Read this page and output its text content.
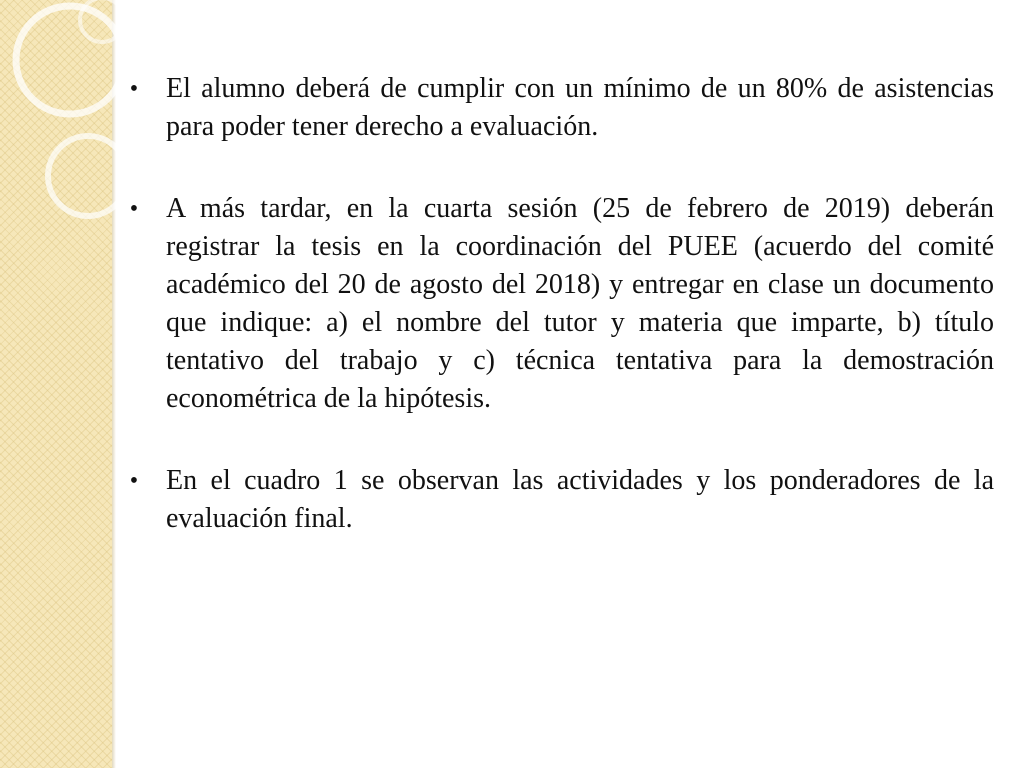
• El alumno deberá de cumplir con un mínimo de un 80% de asistencias para poder tener derecho a evaluación.
• A más tardar, en la cuarta sesión (25 de febrero de 2019) deberán registrar la tesis en la coordinación del PUEE (acuerdo del comité académico del 20 de agosto del 2018) y entregar en clase un documento que indique: a) el nombre del tutor y materia que imparte, b) título tentativo del trabajo y c) técnica tentativa para la demostración econométrica de la hipótesis.
• En el cuadro 1 se observan las actividades y los ponderadores de la evaluación final.
